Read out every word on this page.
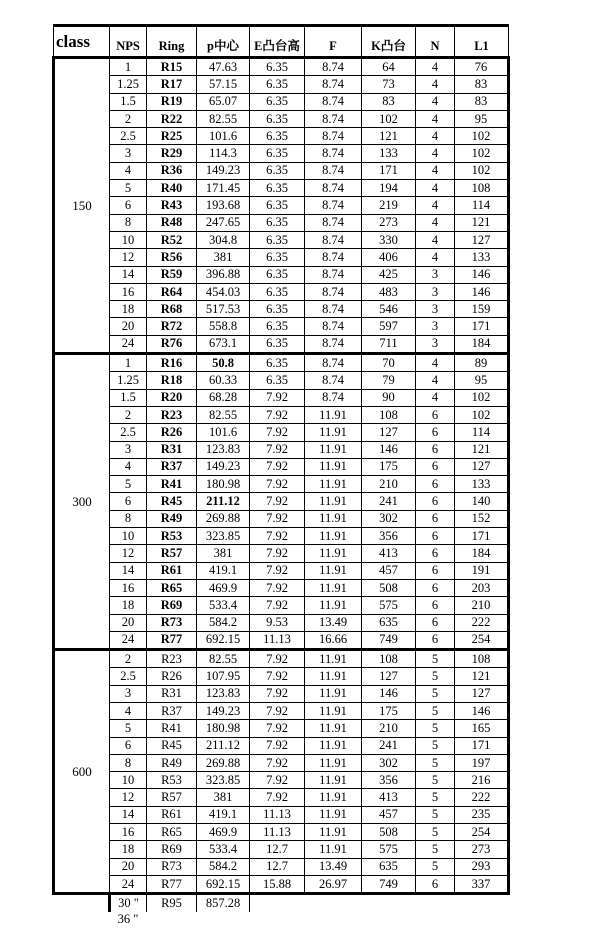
class	NPS	Ring	p中心	E凸台高	F	K凸台	N	L1
150	1	R15	47.63	6.35	8.74	64	4	76
	1.25	R17	57.15	6.35	8.74	73	4	83
	1.5	R19	65.07	6.35	8.74	83	4	83
	2	R22	82.55	6.35	8.74	102	4	95
	2.5	R25	101.6	6.35	8.74	121	4	102
	3	R29	114.3	6.35	8.74	133	4	102
	4	R36	149.23	6.35	8.74	171	4	102
	5	R40	171.45	6.35	8.74	194	4	108
	6	R43	193.68	6.35	8.74	219	4	114
	8	R48	247.65	6.35	8.74	273	4	121
	10	R52	304.8	6.35	8.74	330	4	127
	12	R56	381	6.35	8.74	406	4	133
	14	R59	396.88	6.35	8.74	425	3	146
	16	R64	454.03	6.35	8.74	483	3	146
	18	R68	517.53	6.35	8.74	546	3	159
	20	R72	558.8	6.35	8.74	597	3	171
	24	R76	673.1	6.35	8.74	711	3	184
300	1	R16	50.8	6.35	8.74	70	4	89
	1.25	R18	60.33	6.35	8.74	79	4	95
	1.5	R20	68.28	7.92	8.74	90	4	102
	2	R23	82.55	7.92	11.91	108	6	102
	2.5	R26	101.6	7.92	11.91	127	6	114
	3	R31	123.83	7.92	11.91	146	6	121
	4	R37	149.23	7.92	11.91	175	6	127
	5	R41	180.98	7.92	11.91	210	6	133
	6	R45	211.12	7.92	11.91	241	6	140
	8	R49	269.88	7.92	11.91	302	6	152
	10	R53	323.85	7.92	11.91	356	6	171
	12	R57	381	7.92	11.91	413	6	184
	14	R61	419.1	7.92	11.91	457	6	191
	16	R65	469.9	7.92	11.91	508	6	203
	18	R69	533.4	7.92	11.91	575	6	210
	20	R73	584.2	9.53	13.49	635	6	222
	24	R77	692.15	11.13	16.66	749	6	254
600	2	R23	82.55	7.92	11.91	108	5	108
	2.5	R26	107.95	7.92	11.91	127	5	121
	3	R31	123.83	7.92	11.91	146	5	127
	4	R37	149.23	7.92	11.91	175	5	146
	5	R41	180.98	7.92	11.91	210	5	165
	6	R45	211.12	7.92	11.91	241	5	171
	8	R49	269.88	7.92	11.91	302	5	197
	10	R53	323.85	7.92	11.91	356	5	216
	12	R57	381	7.92	11.91	413	5	222
	14	R61	419.1	11.13	11.91	457	5	235
	16	R65	469.9	11.13	11.91	508	5	254
	18	R69	533.4	12.7	11.91	575	5	273
	20	R73	584.2	12.7	13.49	635	5	293
	24	R77	692.15	15.88	26.97	749	6	337
	30 "	R95	857.28					
	36 "							
